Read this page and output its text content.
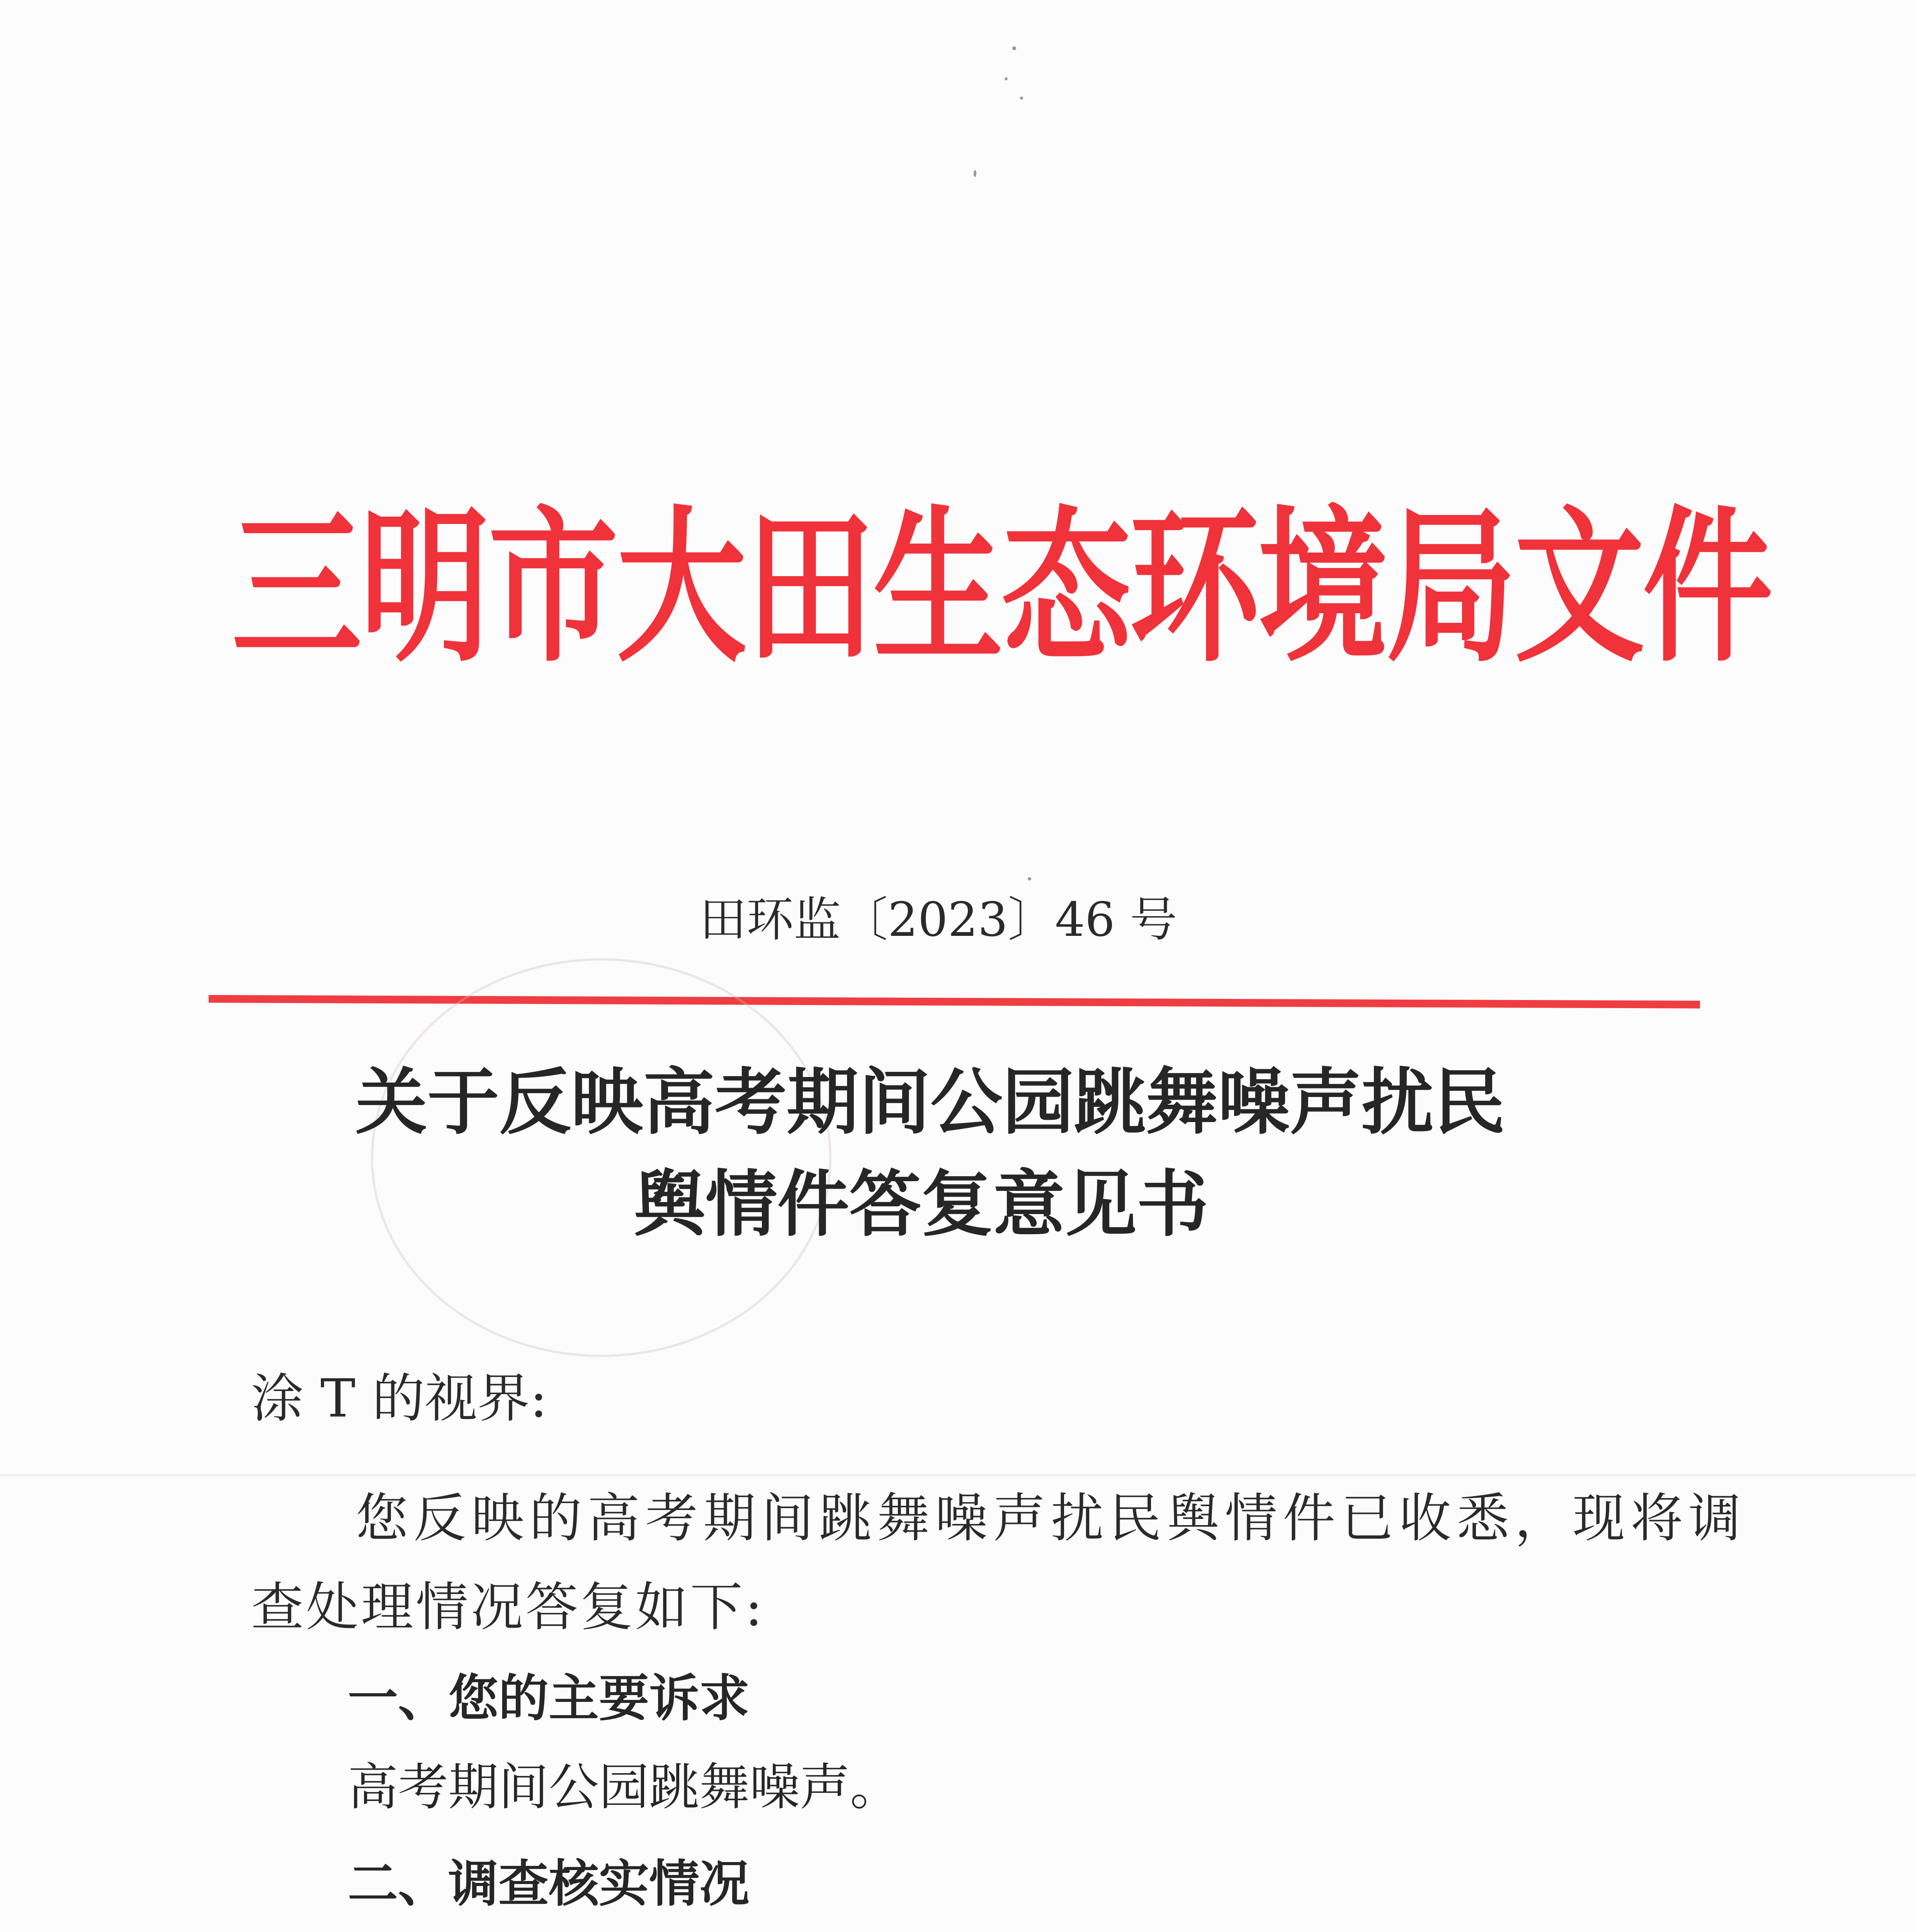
三明市大田生态环境局文件
田环监〔2023〕46 号
关于反映高考期间公园跳舞噪声扰民
舆情件答复意见书
涂 T 的视界:
您反映的高考期间跳舞噪声扰民舆情件已收悉，现将调
查处理情况答复如下:
一、您的主要诉求
高考期间公园跳舞噪声。
二、调查核实情况
